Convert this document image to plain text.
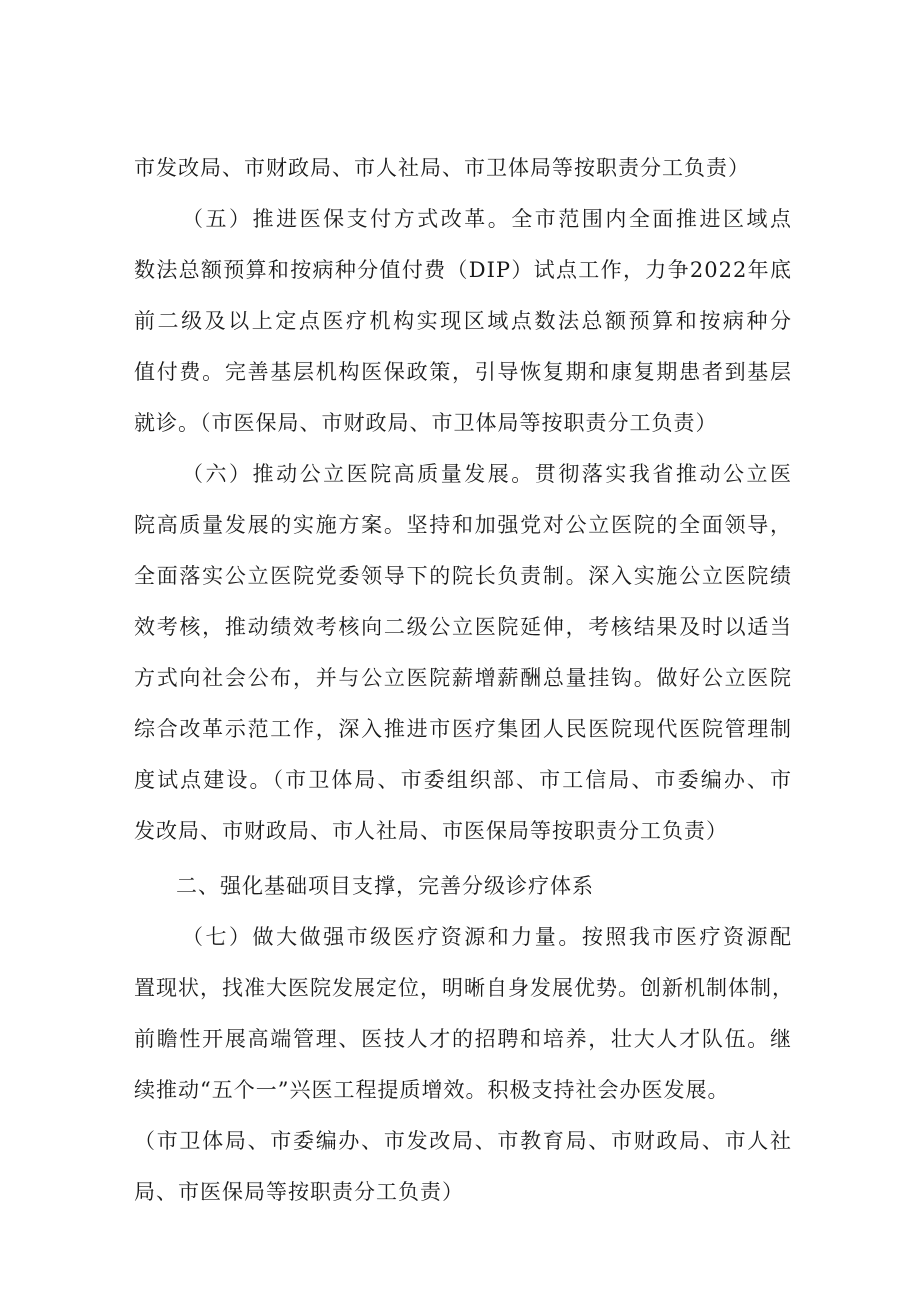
市发改局、市财政局、市人社局、市卫体局等按职责分工负责）
（五）推进医保支付方式改革。全市范围内全面推进区域点
数法总额预算和按病种分值付费（DIP）试点工作，力争2022年底
前二级及以上定点医疗机构实现区域点数法总额预算和按病种分
值付费。完善基层机构医保政策，引导恢复期和康复期患者到基层
就诊。（市医保局、市财政局、市卫体局等按职责分工负责）
（六）推动公立医院高质量发展。贯彻落实我省推动公立医
院高质量发展的实施方案。坚持和加强党对公立医院的全面领导，
全面落实公立医院党委领导下的院长负责制。深入实施公立医院绩
效考核，推动绩效考核向二级公立医院延伸，考核结果及时以适当
方式向社会公布，并与公立医院薪增薪酬总量挂钩。做好公立医院
综合改革示范工作，深入推进市医疗集团人民医院现代医院管理制
度试点建设。（市卫体局、市委组织部、市工信局、市委编办、市
发改局、市财政局、市人社局、市医保局等按职责分工负责）
二、强化基础项目支撑，完善分级诊疗体系
（七）做大做强市级医疗资源和力量。按照我市医疗资源配
置现状，找准大医院发展定位，明晰自身发展优势。创新机制体制，
前瞻性开展高端管理、医技人才的招聘和培养，壮大人才队伍。继
续推动“五个一”兴医工程提质增效。积极支持社会办医发展。
（市卫体局、市委编办、市发改局、市教育局、市财政局、市人社
局、市医保局等按职责分工负责）
